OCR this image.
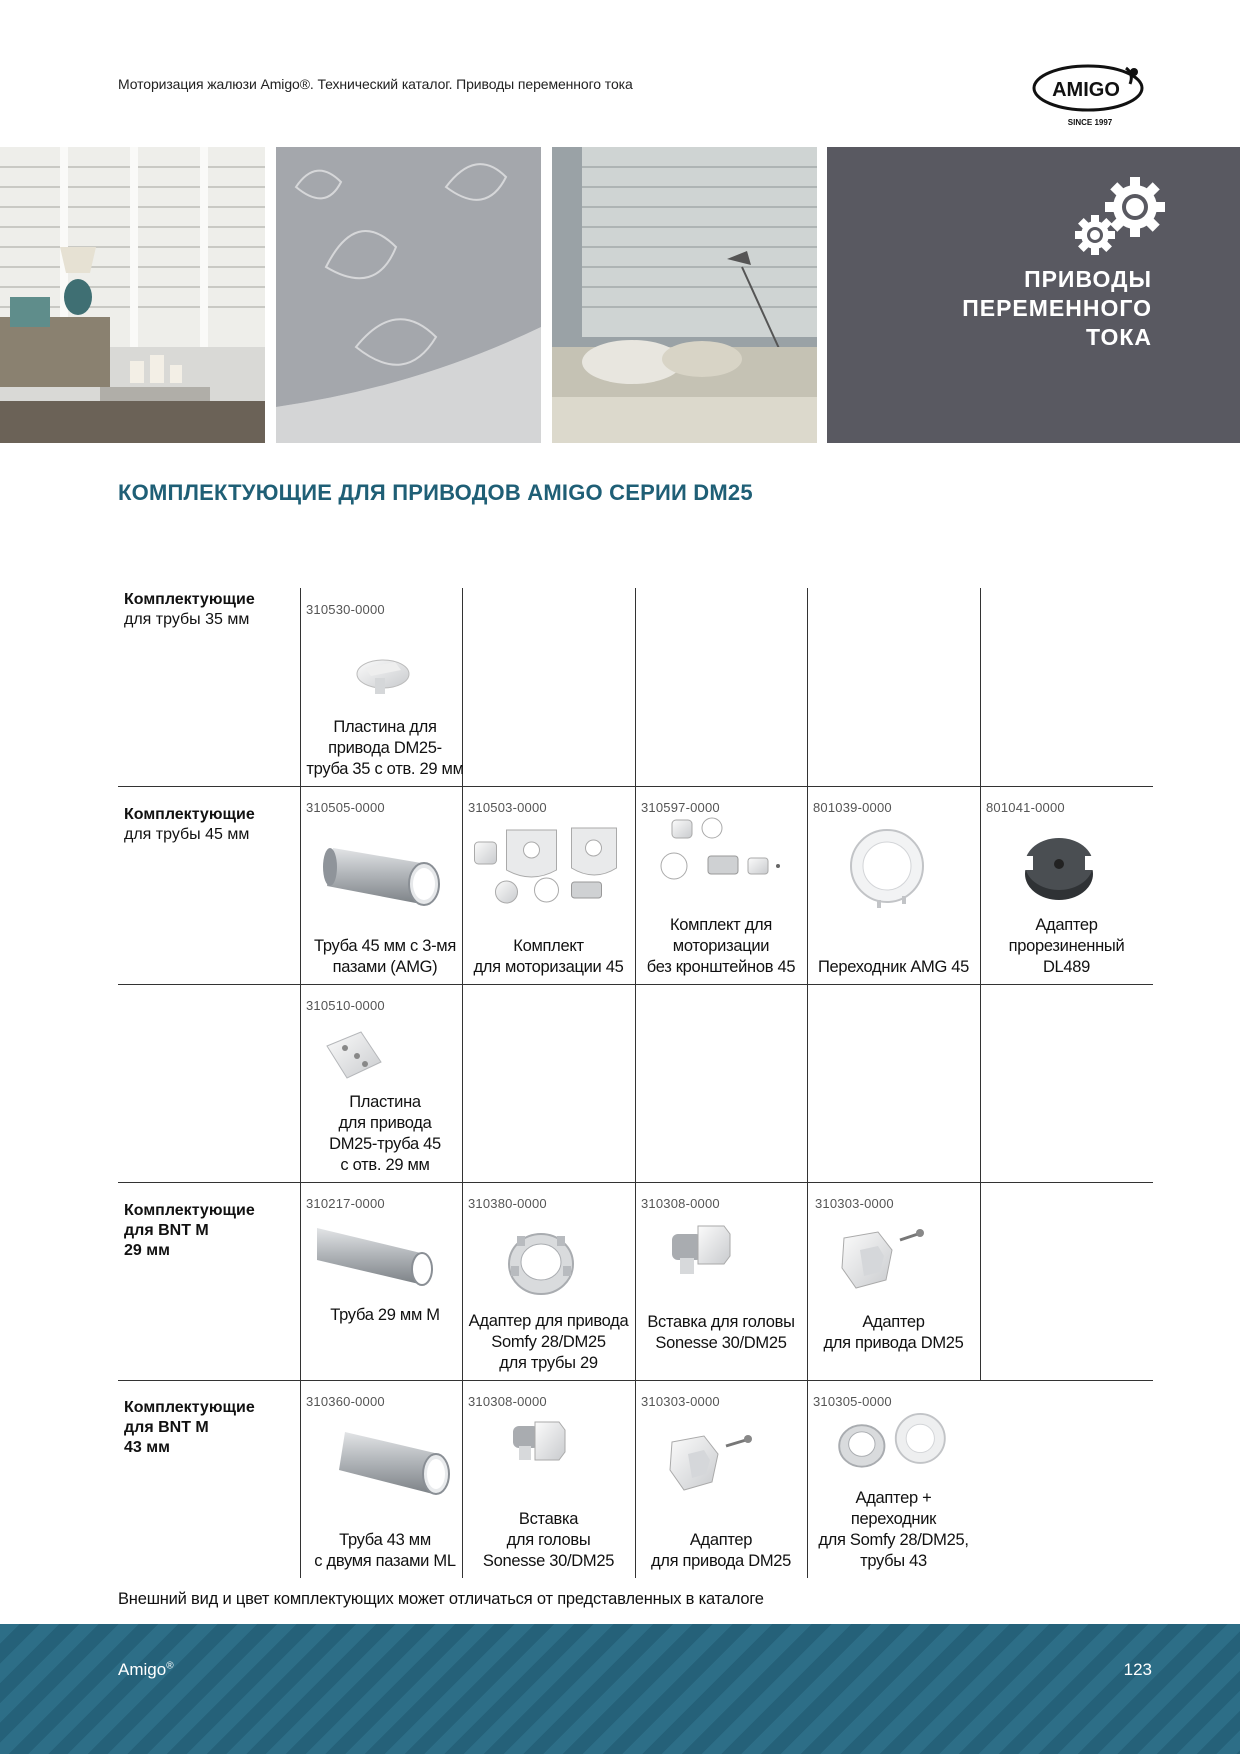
Моторизация жалюзи Amigo®. Технический каталог. Приводы переменного тока	AMIGO
SINCE 1997
ПРИВОДЫ
ПЕРЕМЕННОГО
ТОКА
КОМПЛЕКТУЮЩИЕ ДЛЯ ПРИВОДОВ AMIGO СЕРИИ DM25
Комплектующие
для трубы 35 мм
Комплектующие
для трубы 45 мм
Комплектующие
для BNT M
29 мм
Комплектующие
для BNT M
43 мм
310530-0000
Пластина для
привода DM25-
труба 35 с отв. 29 мм
310505-0000
Труба 45 мм с 3-мя
пазами (AMG)
310503-0000
Комплект
для моторизации 45
310597-0000
Комплект для
моторизации
без кронштейнов 45
801039-0000
Переходник AMG 45
801041-0000
Адаптер
прорезиненный
DL489
310510-0000
Пластина
для привода
DM25-труба 45
с отв. 29 мм
310217-0000
Труба 29 мм М
310380-0000
Адаптер для привода
Somfy 28/DM25
для трубы 29
310308-0000
Вставка для головы
Sonesse 30/DM25
310303-0000
Адаптер
для привода DM25
310360-0000
Труба 43 мм
с двумя пазами ML
310308-0000
Вставка
для головы
Sonesse 30/DM25
310303-0000
Адаптер
для привода DM25
310305-0000
Адаптер +
переходник
для Somfy 28/DM25,
трубы 43
Внешний вид и цвет комплектующих может отличаться от представленных в каталоге
Amigo®	123
